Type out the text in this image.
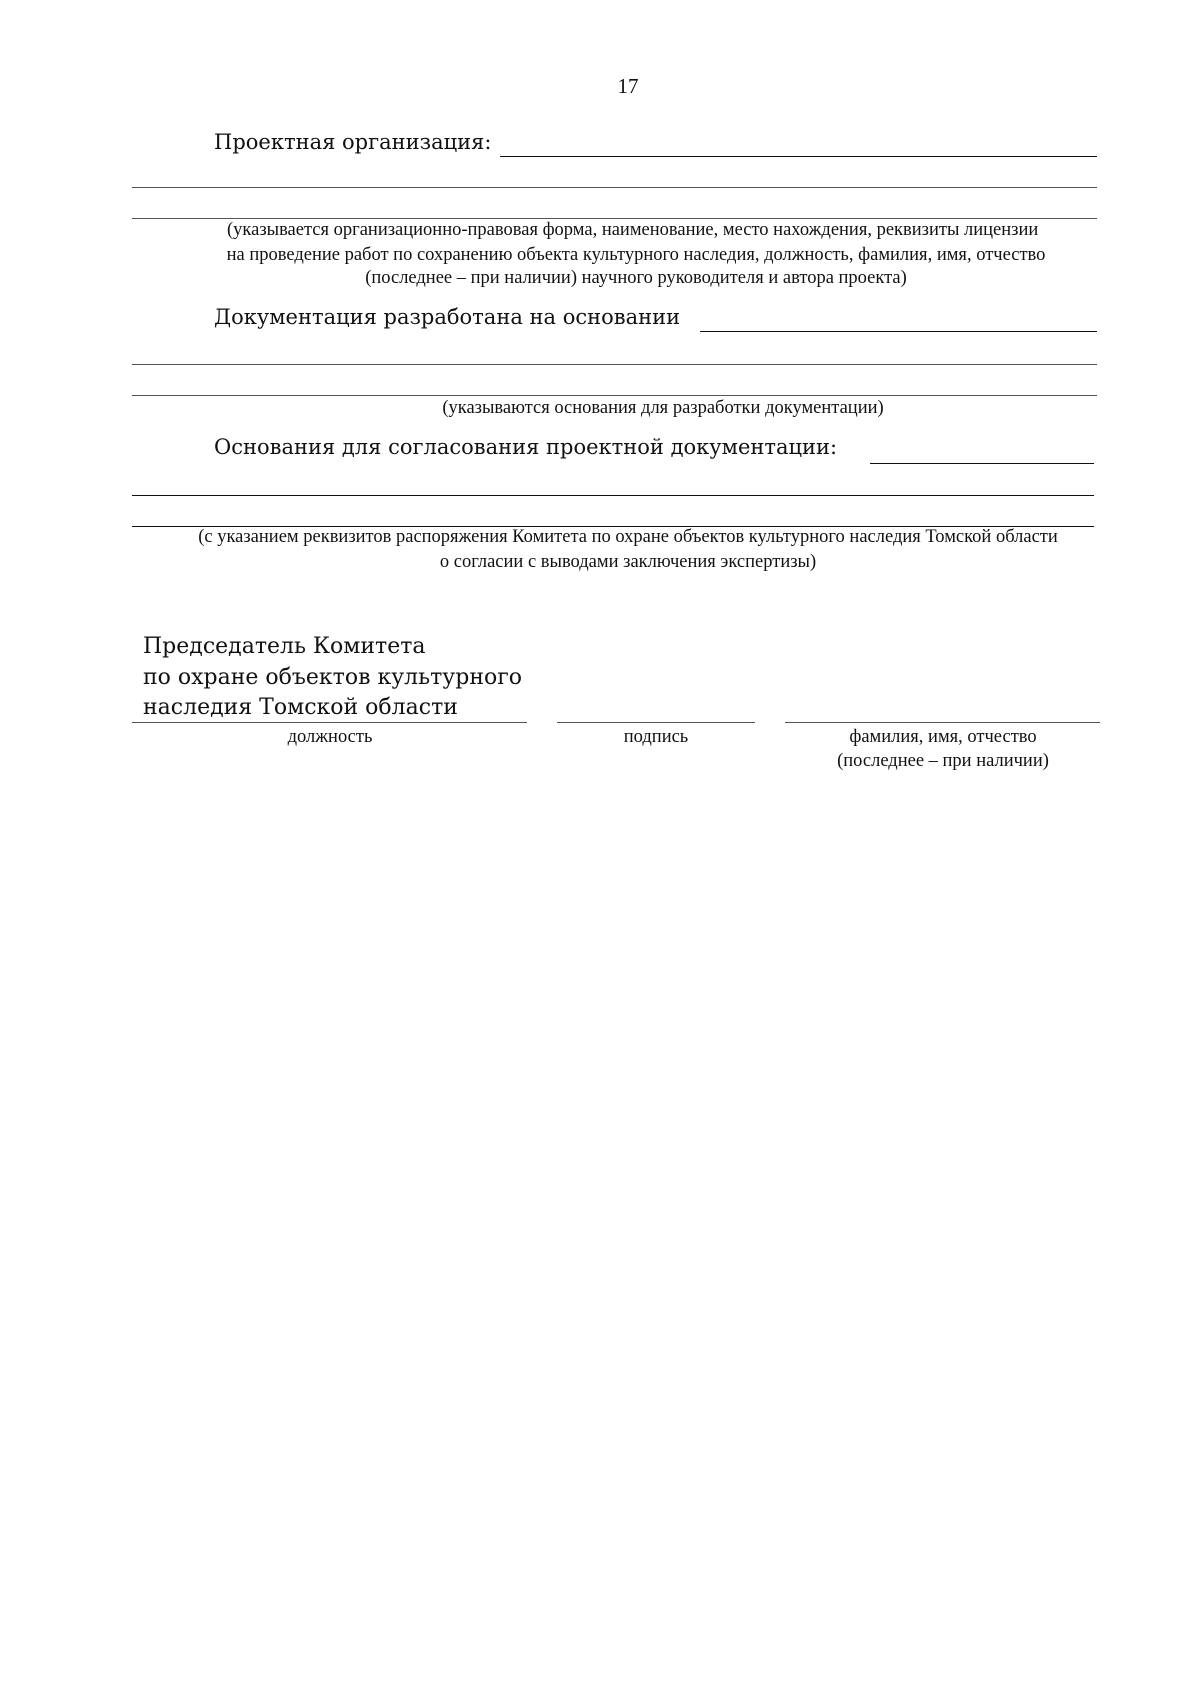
17
Проектная организация:
(указывается организационно-правовая форма, наименование, место нахождения, реквизиты лицензии
на проведение работ по сохранению объекта культурного наследия, должность, фамилия, имя, отчество
(последнее – при наличии) научного руководителя и автора проекта)
Документация разработана на основании
(указываются основания для разработки документации)
Основания для согласования проектной документации:
(с указанием реквизитов распоряжения Комитета по охране объектов культурного наследия Томской области
о согласии с выводами заключения экспертизы)
Председатель Комитета
по охране объектов культурного
наследия Томской области
должность	подпись	фамилия, имя, отчество
(последнее – при наличии)
